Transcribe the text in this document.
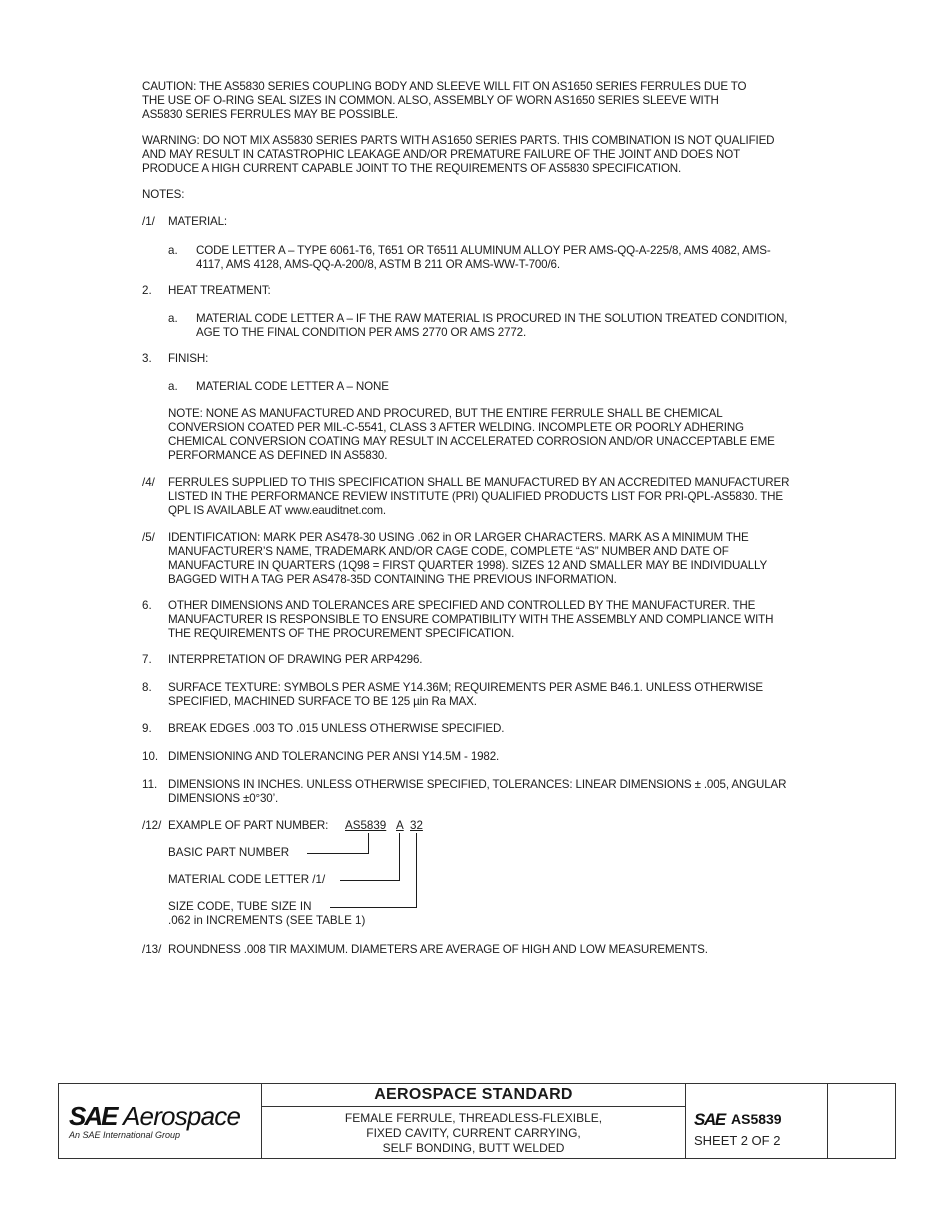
CAUTION: THE AS5830 SERIES COUPLING BODY AND SLEEVE WILL FIT ON AS1650 SERIES FERRULES DUE TO
THE USE OF O-RING SEAL SIZES IN COMMON. ALSO, ASSEMBLY OF WORN AS1650 SERIES SLEEVE WITH
AS5830 SERIES FERRULES MAY BE POSSIBLE.
WARNING: DO NOT MIX AS5830 SERIES PARTS WITH AS1650 SERIES PARTS. THIS COMBINATION IS NOT QUALIFIED
AND MAY RESULT IN CATASTROPHIC LEAKAGE AND/OR PREMATURE FAILURE OF THE JOINT AND DOES NOT
PRODUCE A HIGH CURRENT CAPABLE JOINT TO THE REQUIREMENTS OF AS5830 SPECIFICATION.
NOTES:
/1/	MATERIAL:
a.	CODE LETTER A – TYPE 6061-T6, T651 OR T6511 ALUMINUM ALLOY PER AMS-QQ-A-225/8, AMS 4082, AMS-
4117, AMS 4128, AMS-QQ-A-200/8, ASTM B 211 OR AMS-WW-T-700/6.
2.	HEAT TREATMENT:
a.	MATERIAL CODE LETTER A – IF THE RAW MATERIAL IS PROCURED IN THE SOLUTION TREATED CONDITION,
AGE TO THE FINAL CONDITION PER AMS 2770 OR AMS 2772.
3.	FINISH:
a.	MATERIAL CODE LETTER A – NONE
NOTE: NONE AS MANUFACTURED AND PROCURED, BUT THE ENTIRE FERRULE SHALL BE CHEMICAL
CONVERSION COATED PER MIL-C-5541, CLASS 3 AFTER WELDING. INCOMPLETE OR POORLY ADHERING
CHEMICAL CONVERSION COATING MAY RESULT IN ACCELERATED CORROSION AND/OR UNACCEPTABLE EME
PERFORMANCE AS DEFINED IN AS5830.
/4/	FERRULES SUPPLIED TO THIS SPECIFICATION SHALL BE MANUFACTURED BY AN ACCREDITED MANUFACTURER
LISTED IN THE PERFORMANCE REVIEW INSTITUTE (PRI) QUALIFIED PRODUCTS LIST FOR PRI-QPL-AS5830. THE
QPL IS AVAILABLE AT www.eauditnet.com.
/5/	IDENTIFICATION: MARK PER AS478-30 USING .062 in OR LARGER CHARACTERS. MARK AS A MINIMUM THE
MANUFACTURER’S NAME, TRADEMARK AND/OR CAGE CODE, COMPLETE “AS” NUMBER AND DATE OF
MANUFACTURE IN QUARTERS (1Q98 = FIRST QUARTER 1998). SIZES 12 AND SMALLER MAY BE INDIVIDUALLY
BAGGED WITH A TAG PER AS478-35D CONTAINING THE PREVIOUS INFORMATION.
6.	OTHER DIMENSIONS AND TOLERANCES ARE SPECIFIED AND CONTROLLED BY THE MANUFACTURER. THE
MANUFACTURER IS RESPONSIBLE TO ENSURE COMPATIBILITY WITH THE ASSEMBLY AND COMPLIANCE WITH
THE REQUIREMENTS OF THE PROCUREMENT SPECIFICATION.
7.	INTERPRETATION OF DRAWING PER ARP4296.
8.	SURFACE TEXTURE: SYMBOLS PER ASME Y14.36M; REQUIREMENTS PER ASME B46.1. UNLESS OTHERWISE
SPECIFIED, MACHINED SURFACE TO BE 125 µin Ra MAX.
9.	BREAK EDGES .003 TO .015 UNLESS OTHERWISE SPECIFIED.
10. DIMENSIONING AND TOLERANCING PER ANSI Y14.5M - 1982.
11. DIMENSIONS IN INCHES. UNLESS OTHERWISE SPECIFIED, TOLERANCES: LINEAR DIMENSIONS ± .005, ANGULAR
DIMENSIONS ±0°30’.
/12/ EXAMPLE OF PART NUMBER:	AS5839 A 32
BASIC PART NUMBER
MATERIAL CODE LETTER /1/
SIZE CODE, TUBE SIZE IN
.062 in INCREMENTS (SEE TABLE 1)
/13/ ROUNDNESS .008 TIR MAXIMUM. DIAMETERS ARE AVERAGE OF HIGH AND LOW MEASUREMENTS.
SAE Aerospace
An SAE International Group
AEROSPACE STANDARD
FEMALE FERRULE, THREADLESS-FLEXIBLE,
FIXED CAVITY, CURRENT CARRYING,
SELF BONDING, BUTT WELDED
SAE AS5839
SHEET 2 OF 2
